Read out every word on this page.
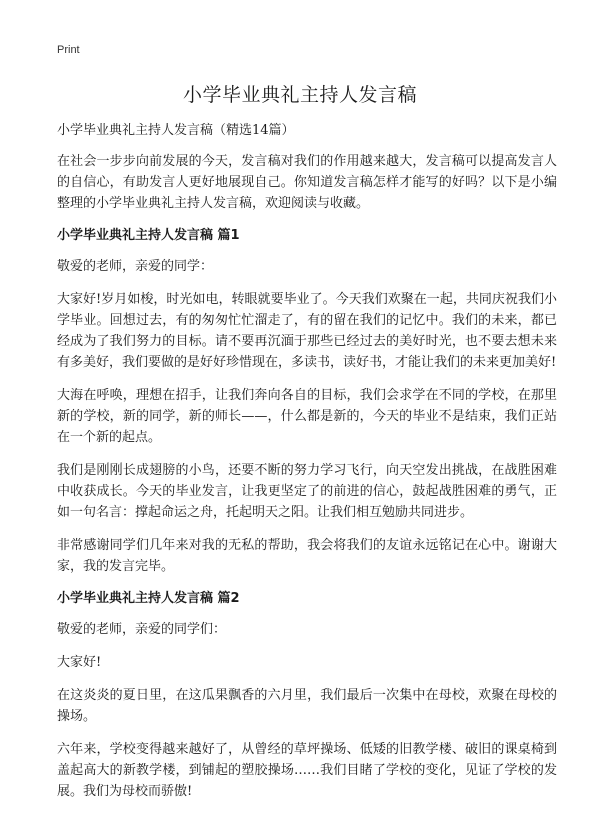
Print
小学毕业典礼主持人发言稿

小学毕业典礼主持人发言稿（精选14篇）

在社会一步步向前发展的今天，发言稿对我们的作用越来越大，发言稿可以提高发言人的自信心，有助发言人更好地展现自己。你知道发言稿怎样才能写的好吗？以下是小编整理的小学毕业典礼主持人发言稿，欢迎阅读与收藏。

小学毕业典礼主持人发言稿 篇1

敬爱的老师，亲爱的同学：

大家好!岁月如梭，时光如电，转眼就要毕业了。今天我们欢聚在一起，共同庆祝我们小学毕业。回想过去，有的匆匆忙忙溜走了，有的留在我们的记忆中。我们的未来，都已经成为了我们努力的目标。请不要再沉湎于那些已经过去的美好时光，也不要去想未来有多美好，我们要做的是好好珍惜现在，多读书，读好书，才能让我们的未来更加美好!

大海在呼唤，理想在招手，让我们奔向各自的目标，我们会求学在不同的学校，在那里新的学校，新的同学，新的师长——，什么都是新的，今天的毕业不是结束，我们正站在一个新的起点。

我们是刚刚长成翅膀的小鸟，还要不断的努力学习飞行，向天空发出挑战，在战胜困难中收获成长。今天的毕业发言，让我更坚定了的前进的信心，鼓起战胜困难的勇气，正如一句名言：撑起命运之舟，托起明天之阳。让我们相互勉励共同进步。

非常感谢同学们几年来对我的无私的帮助，我会将我们的友谊永远铭记在心中。谢谢大家，我的发言完毕。

小学毕业典礼主持人发言稿 篇2

敬爱的老师，亲爱的同学们：

大家好!

在这炎炎的夏日里，在这瓜果飘香的六月里，我们最后一次集中在母校，欢聚在母校的操场。

六年来，学校变得越来越好了，从曾经的草坪操场、低矮的旧教学楼、破旧的课桌椅到盖起高大的新教学楼，到铺起的塑胶操场……我们目睹了学校的变化，见证了学校的发展。我们为母校而骄傲!
